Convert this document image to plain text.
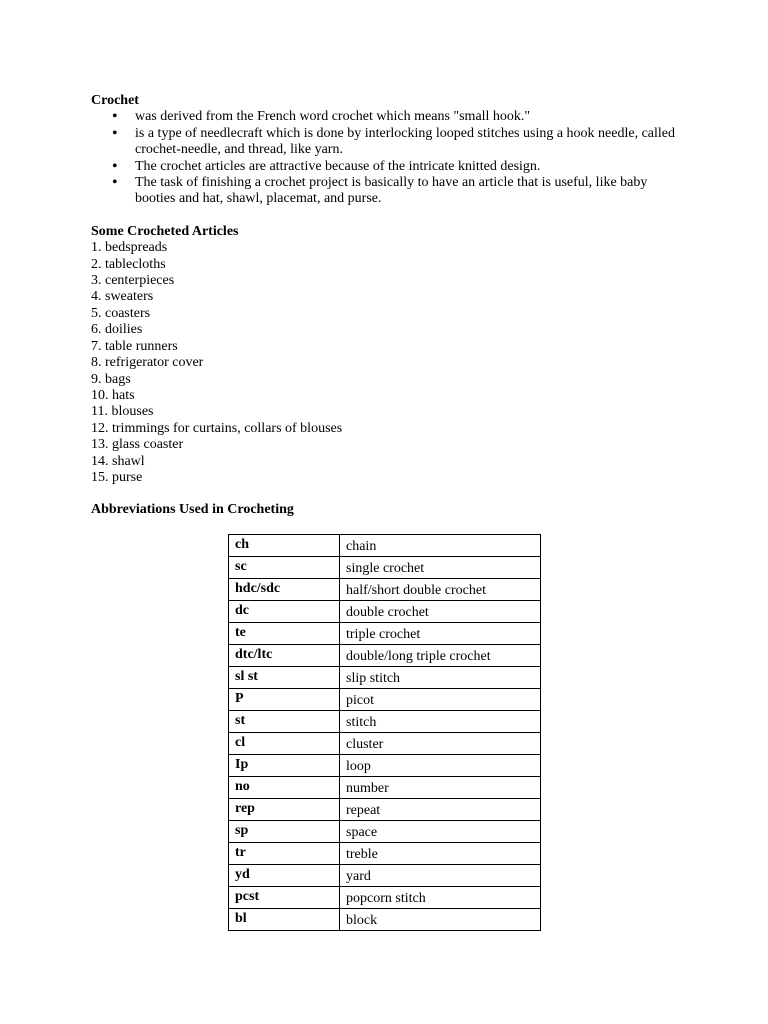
Crochet

• was derived from the French word crochet which means "small hook."
• is a type of needlecraft which is done by interlocking looped stitches using a hook needle, called crochet-needle, and thread, like yarn.
• The crochet articles are attractive because of the intricate knitted design.
• The task of finishing a crochet project is basically to have an article that is useful, like baby booties and hat, shawl, placemat, and purse.

Some Crocheted Articles

1. bedspreads
2. tablecloths
3. centerpieces
4. sweaters
5. coasters
6. doilies
7. table runners
8. refrigerator cover
9. bags
10. hats
11. blouses
12. trimmings for curtains, collars of blouses
13. glass coaster
14. shawl
15. purse

Abbreviations Used in Crocheting

ch	chain
sc	single crochet
hdc/sdc	half/short double crochet
dc	double crochet
te	triple crochet
dtc/ltc	double/long triple crochet
sl st	slip stitch
P	picot
st	stitch
cl	cluster
Ip	loop
no	number
rep	repeat
sp	space
tr	treble
yd	yard
pcst	popcorn stitch
bl	block
